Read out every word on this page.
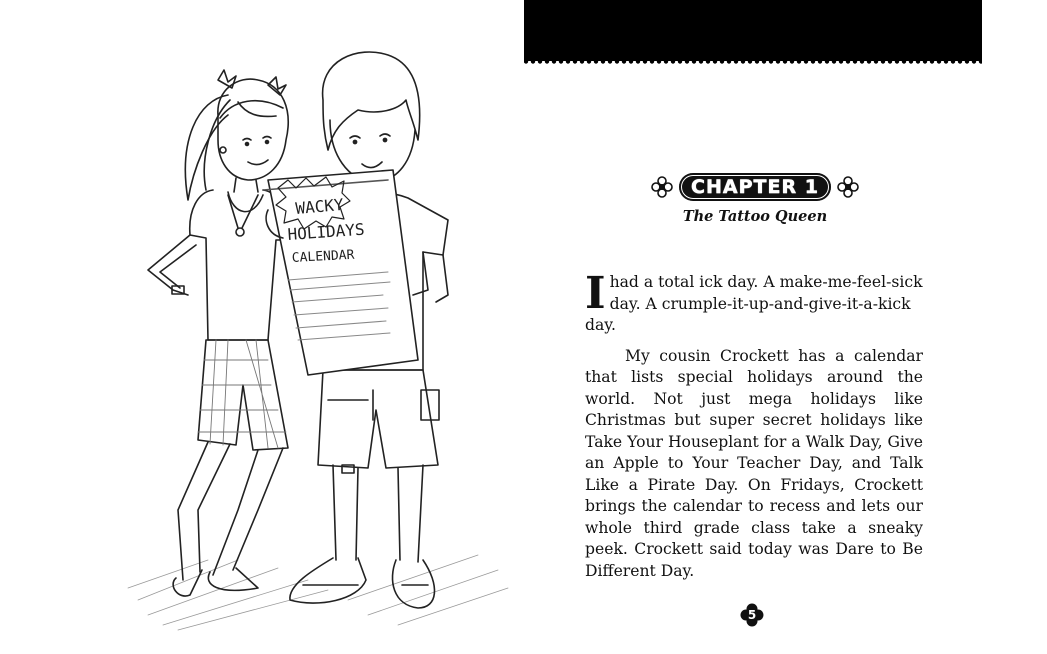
WACKY
HOLIDAYS
CALENDAR
CHAPTER 1
The Tattoo Queen

I had a total ick day. A make-me-feel-sick day. A crumple-it-up-and-give-it-a-kick day.

My cousin Crockett has a calendar that lists special holidays around the world. Not just mega holidays like Christmas but super secret holidays like Take Your Houseplant for a Walk Day, Give an Apple to Your Teacher Day, and Talk Like a Pirate Day. On Fridays, Crockett brings the calendar to recess and lets our whole third grade class take a sneaky peek. Crockett said today was Dare to Be Different Day.

5
